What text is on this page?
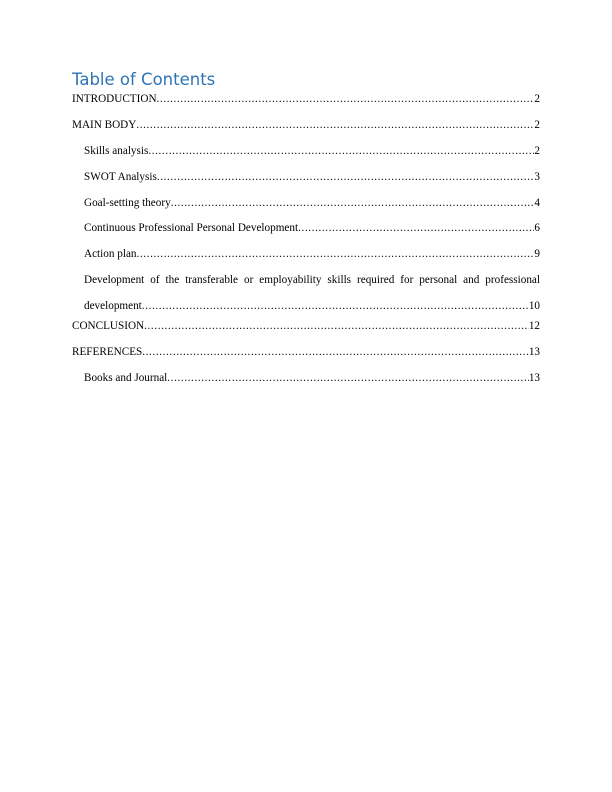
Table of Contents
INTRODUCTION .....	2
MAIN BODY .....	2
Skills analysis .....	2
SWOT Analysis .....	3
Goal-setting theory .....	4
Continuous Professional Personal Development .....	6
Action plan .....	9
Development of the transferable or employability skills required for personal and professional
development .....	10
CONCLUSION .....	12
REFERENCES .....	13
Books and Journal .....	13
